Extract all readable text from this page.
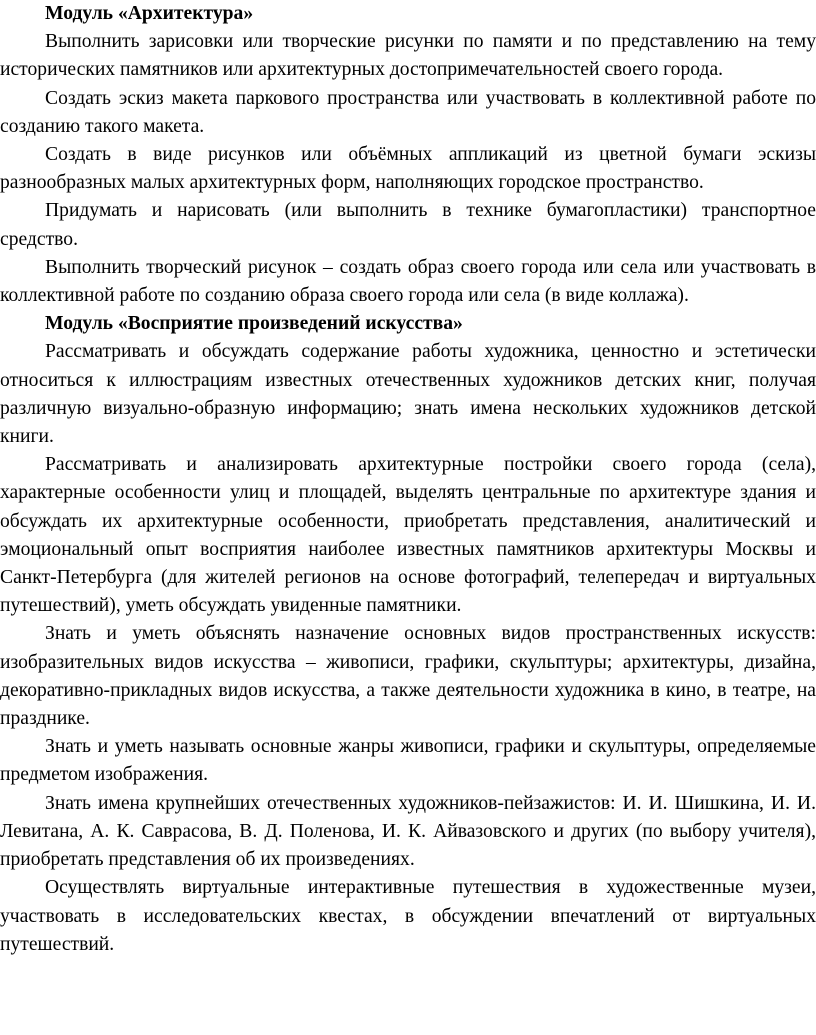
Модуль «Архитектура»

Выполнить зарисовки или творческие рисунки по памяти и по представлению на тему исторических памятников или архитектурных достопримечательностей своего города.

Создать эскиз макета паркового пространства или участвовать в коллективной работе по созданию такого макета.

Создать в виде рисунков или объёмных аппликаций из цветной бумаги эскизы разнообразных малых архитектурных форм, наполняющих городское пространство.

Придумать и нарисовать (или выполнить в технике бумагопластики) транспортное средство.

Выполнить творческий рисунок – создать образ своего города или села или участвовать в коллективной работе по созданию образа своего города или села (в виде коллажа).

Модуль «Восприятие произведений искусства»

Рассматривать и обсуждать содержание работы художника, ценностно и эстетически относиться к иллюстрациям известных отечественных художников детских книг, получая различную визуально-образную информацию; знать имена нескольких художников детской книги.

Рассматривать и анализировать архитектурные постройки своего города (села), характерные особенности улиц и площадей, выделять центральные по архитектуре здания и обсуждать их архитектурные особенности, приобретать представления, аналитический и эмоциональный опыт восприятия наиболее известных памятников архитектуры Москвы и Санкт-Петербурга (для жителей регионов на основе фотографий, телепередач и виртуальных путешествий), уметь обсуждать увиденные памятники.

Знать и уметь объяснять назначение основных видов пространственных искусств: изобразительных видов искусства – живописи, графики, скульптуры; архитектуры, дизайна, декоративно-прикладных видов искусства, а также деятельности художника в кино, в театре, на празднике.

Знать и уметь называть основные жанры живописи, графики и скульптуры, определяемые предметом изображения.

Знать имена крупнейших отечественных художников-пейзажистов: И. И. Шишкина, И. И. Левитана, А. К. Саврасова, В. Д. Поленова, И. К. Айвазовского и других (по выбору учителя), приобретать представления об их произведениях.

Осуществлять виртуальные интерактивные путешествия в художественные музеи, участвовать в исследовательских квестах, в обсуждении впечатлений от виртуальных путешествий.
